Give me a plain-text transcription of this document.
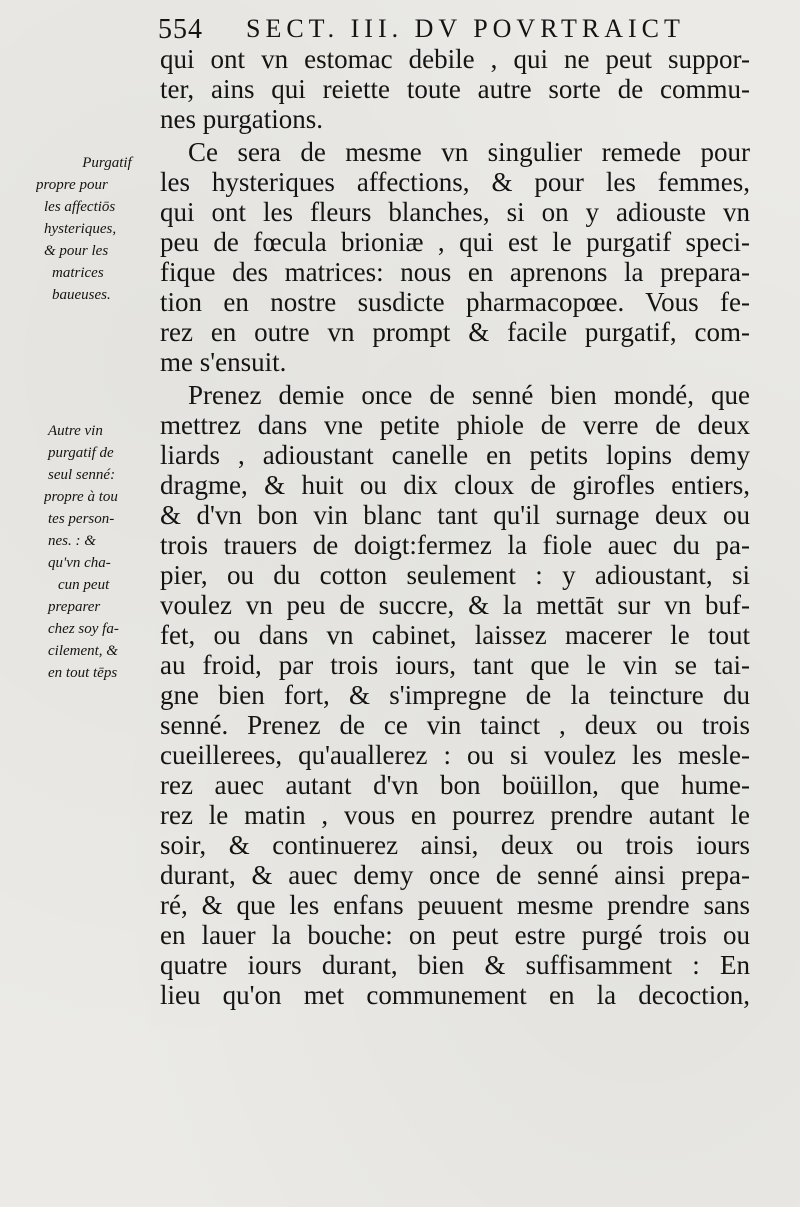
554 SECT. III. DV POVRTRAICT
qui ont vn estomac debile , qui ne peut suppor-
ter, ains qui reiette toute autre sorte de commu-
nes purgations.
Ce sera de mesme vn singulier remede pour
les hysteriques affections, & pour les femmes,
qui ont les fleurs blanches, si on y adiouste vn
peu de fœcula brioniæ , qui est le purgatif speci-
fique des matrices: nous en aprenons la prepara-
tion en nostre susdicte pharmacopœe. Vous fe-
rez en outre vn prompt & facile purgatif, com-
me s'ensuit.
Prenez demie once de senné bien mondé, que
mettrez dans vne petite phiole de verre de deux
liards , adioustant canelle en petits lopins demy
dragme, & huit ou dix cloux de girofles entiers,
& d'vn bon vin blanc tant qu'il surnage deux ou
trois trauers de doigt:fermez la fiole auec du pa-
pier, ou du cotton seulement : y adioustant, si
voulez vn peu de succre, & la mettāt sur vn buf-
fet, ou dans vn cabinet, laissez macerer le tout
au froid, par trois iours, tant que le vin se tai-
gne bien fort, & s'impregne de la teincture du
senné. Prenez de ce vin tainct , deux ou trois
cueillerees, qu'auallerez : ou si voulez les mesle-
rez auec autant d'vn bon boüillon, que hume-
rez le matin , vous en pourrez prendre autant le
soir, & continuerez ainsi, deux ou trois iours
durant, & auec demy once de senné ainsi prepa-
ré, & que les enfans peuuent mesme prendre sans
en lauer la bouche: on peut estre purgé trois ou
quatre iours durant, bien & suffisamment : En
lieu qu'on met communement en la decoction,
Purgatif
propre pour
les affectiōs
hysteriques,
& pour les
matrices
baueuses.
Autre vin
purgatif de
seul senné:
propre à tou
tes person-
nes. : &
qu'vn cha-
cun peut
preparer
chez soy fa-
cilement, &
en tout tēps
